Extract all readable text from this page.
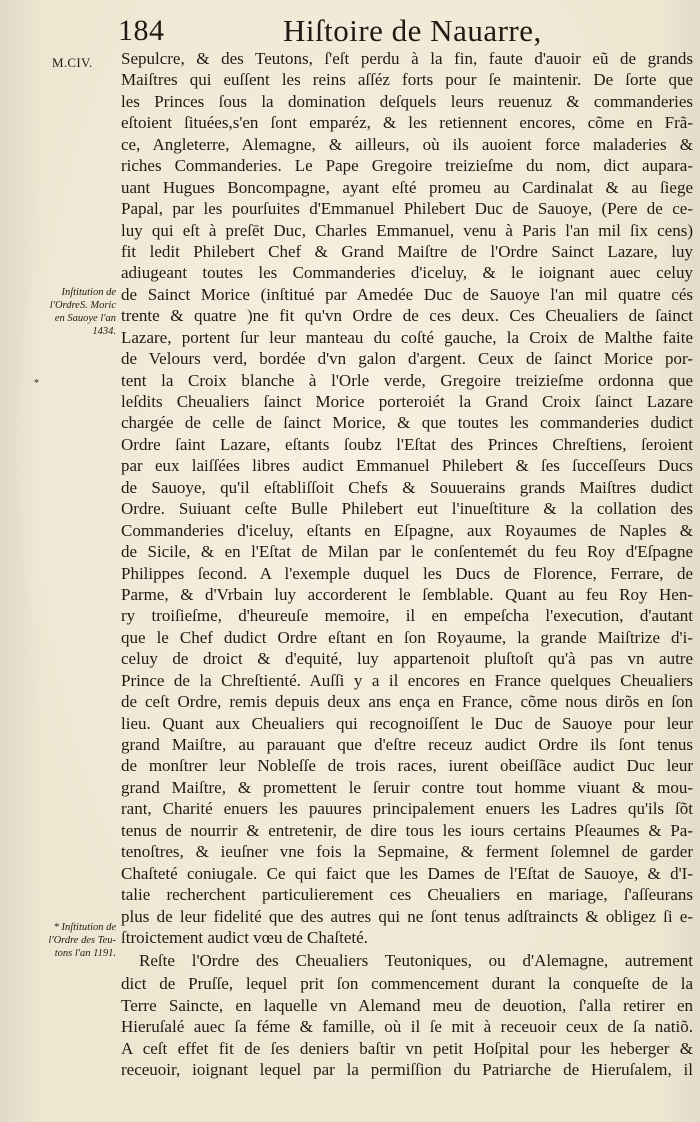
184	Hiſtoire de Nauarre,
M.CIV.
Inſtitution de
l'OrdreS. Moric
en Sauoye l'an
1434.
*
* Inſtitution de
l'Ordre des Teu-
tons l'an 1191.
Sepulcre, & des Teutons, ſ'eſt perdu à la fin, faute d'auoir eũ de grands
Maiſtres qui euſſent les reins aſſéz forts pour ſe maintenir. De ſorte que
les Princes ſous la domination deſquels leurs reuenuz & commanderies
eſtoient ſituées,s'en ſont emparéz, & les retiennent encores, cõme en Frã-
ce, Angleterre, Alemagne, & ailleurs, où ils auoient force maladeries &
riches Commanderies. Le Pape Gregoire treizieſme du nom, dict aupara-
uant Hugues Boncompagne, ayant eſté promeu au Cardinalat & au ſiege
Papal, par les pourſuites d'Emmanuel Philebert Duc de Sauoye, (Pere de ce-
luy qui eſt à preſēt Duc, Charles Emmanuel, venu à Paris l'an mil ſix cens)
fit ledit Philebert Chef & Grand Maiſtre de l'Ordre Sainct Lazare, luy
adiugeant toutes les Commanderies d'iceluy, & le ioignant auec celuy
de Sainct Morice (inſtitué par Amedée Duc de Sauoye l'an mil quatre cés
trente & quatre )ne fit qu'vn Ordre de ces deux. Ces Cheualiers de ſainct
Lazare, portent ſur leur manteau du coſté gauche, la Croix de Malthe faite
de Velours verd, bordée d'vn galon d'argent. Ceux de ſainct Morice por-
tent la Croix blanche à l'Orle verde, Gregoire treizieſme ordonna que
leſdits Cheualiers ſainct Morice porteroiét la Grand Croix ſainct Lazare
chargée de celle de ſainct Morice, & que toutes les commanderies dudict
Ordre ſaint Lazare, eſtants ſoubz l'Eſtat des Princes Chreſtiens, ſeroient
par eux laiſſées libres audict Emmanuel Philebert & ſes ſucceſſeurs Ducs
de Sauoye, qu'il eſtabliſſoit Chefs & Souuerains grands Maiſtres dudict
Ordre. Suiuant ceſte Bulle Philebert eut l'inueſtiture & la collation des
Commanderies d'iceluy, eſtants en Eſpagne, aux Royaumes de Naples &
de Sicile, & en l'Eſtat de Milan par le conſentemét du feu Roy d'Eſpagne
Philippes ſecond. A l'exemple duquel les Ducs de Florence, Ferrare, de
Parme, & d'Vrbain luy accorderent le ſemblable. Quant au feu Roy Hen-
ry troiſieſme, d'heureuſe memoire, il en empeſcha l'execution, d'autant
que le Chef dudict Ordre eſtant en ſon Royaume, la grande Maiſtrize d'i-
celuy de droict & d'equité, luy appartenoit pluſtoſt qu'à pas vn autre
Prince de la Chreſtienté. Auſſi y a il encores en France quelques Cheualiers
de ceſt Ordre, remis depuis deux ans ença en France, cõme nous dirõs en ſon
lieu. Quant aux Cheualiers qui recognoiſſent le Duc de Sauoye pour leur
grand Maiſtre, au parauant que d'eſtre receuz audict Ordre ils ſont tenus
de monſtrer leur Nobleſſe de trois races, iurent obeiſſãce audict Duc leur
grand Maiſtre, & promettent le ſeruir contre tout homme viuant & mou-
rant, Charité enuers les pauures principalement enuers les Ladres qu'ils ſõt
tenus de nourrir & entretenir, de dire tous les iours certains Pſeaumes & Pa-
tenoſtres, & ieuſner vne fois la Sepmaine, & ferment ſolemnel de garder
Chaſteté coniugale. Ce qui faict que les Dames de l'Eſtat de Sauoye, & d'I-
talie recherchent particulierement ces Cheualiers en mariage, ſ'aſſeurans
plus de leur fidelité que des autres qui ne ſont tenus adſtraincts & obligez ſi e-
ſtroictement audict vœu de Chaſteté.
Reſte l'Ordre des Cheualiers Teutoniques, ou d'Alemagne, autrement
dict de Pruſſe, lequel prit ſon commencement durant la conqueſte de la
Terre Saincte, en laquelle vn Alemand meu de deuotion, ſ'alla retirer en
Hieruſalé auec ſa féme & famille, où il ſe mit à receuoir ceux de ſa natiõ.
A ceſt effet fit de ſes deniers baſtir vn petit Hoſpital pour les heberger &
receuoir, ioignant lequel par la permiſſion du Patriarche de Hieruſalem, il
